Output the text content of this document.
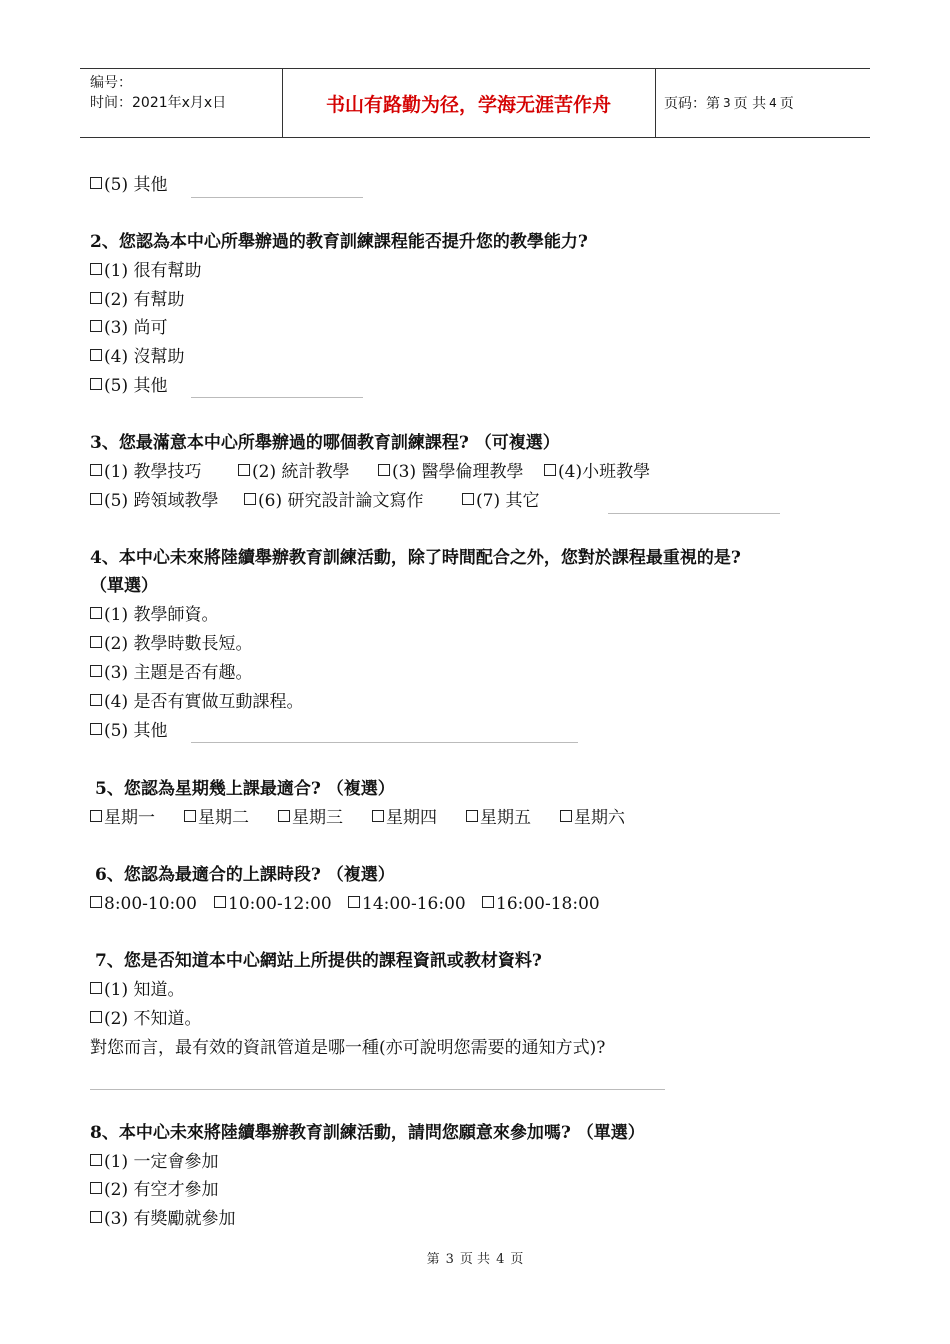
编号：
时间：2021年x月x日	书山有路勤为径，学海无涯苦作舟	页码：第 3 页 共 4 页
(5) 其他
2、您認為本中心所舉辦過的教育訓練課程能否提升您的教學能力?
(1) 很有幫助
(2) 有幫助
(3) 尚可
(4) 沒幫助
(5) 其他
3、您最滿意本中心所舉辦過的哪個教育訓練課程? （可複選）
(1) 教學技巧	(2) 統計教學	(3) 醫學倫理教學 (4)小班教學
(5) 跨領域教學 (6) 研究設計論文寫作	(7) 其它
4、本中心未來將陸續舉辦教育訓練活動，除了時間配合之外，您對於課程最重視的是?
（單選）
(1) 教學師資。
(2) 教學時數長短。
(3) 主題是否有趣。
(4) 是否有實做互動課程。
(5) 其他
5、您認為星期幾上課最適合? （複選）
星期一	星期二	星期三	星期四	星期五	星期六
6、您認為最適合的上課時段? （複選）
8:00-10:00 10:00-12:00 14:00-16:00 16:00-18:00
7、您是否知道本中心網站上所提供的課程資訊或教材資料?
(1) 知道。
(2) 不知道。
對您而言，最有效的資訊管道是哪一種(亦可說明您需要的通知方式)?
8、本中心未來將陸續舉辦教育訓練活動，請問您願意來參加嗎? （單選）
(1) 一定會參加
(2) 有空才參加
(3) 有獎勵就參加
第 3 页 共 4 页
